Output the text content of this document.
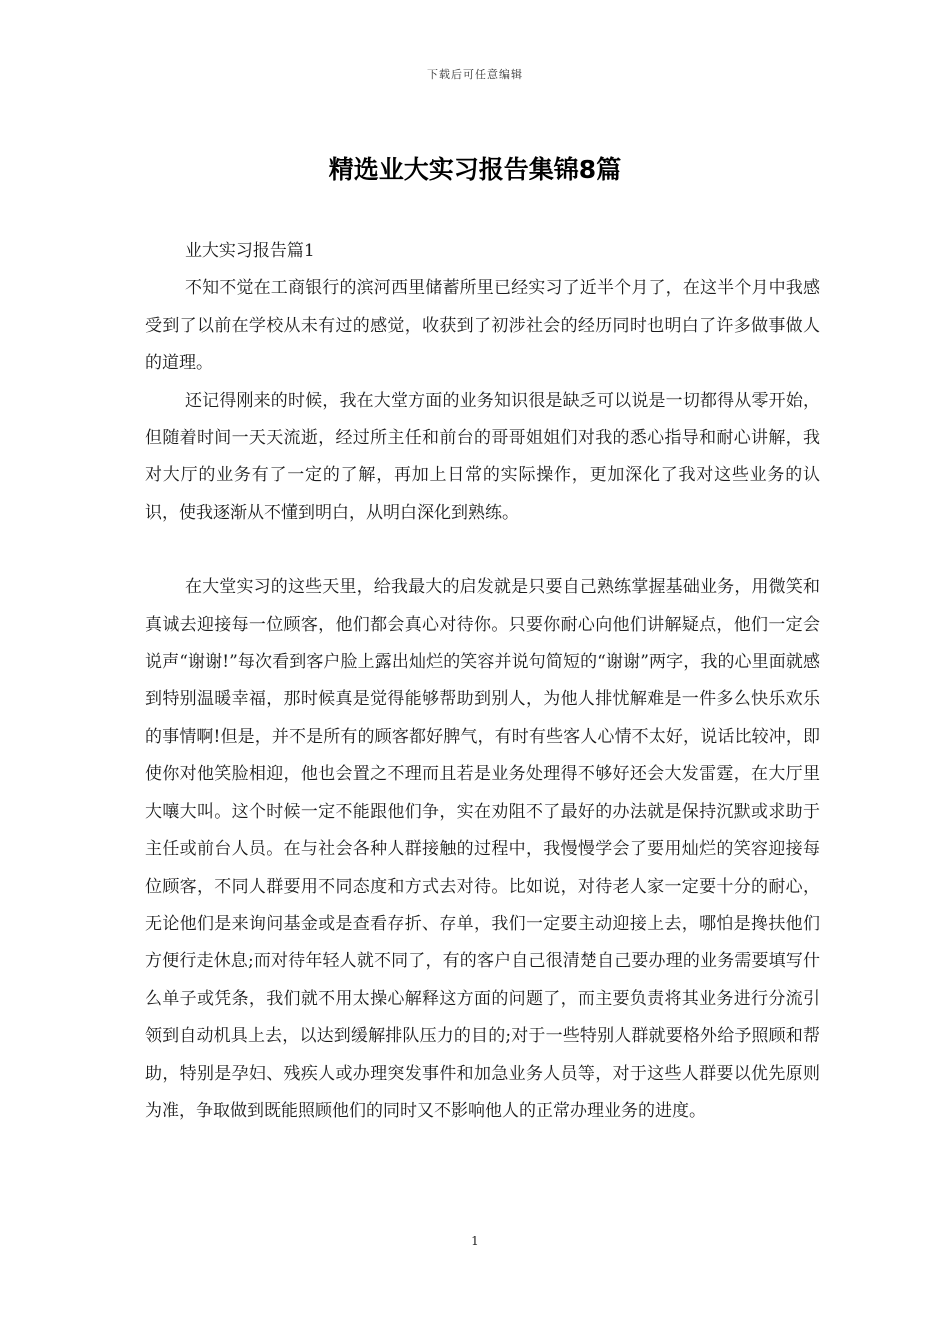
下载后可任意编辑
精选业大实习报告集锦8篇

业大实习报告篇1

不知不觉在工商银行的滨河西里储蓄所里已经实习了近半个月了，在这半个月中我感受到了以前在学校从未有过的感觉，收获到了初涉社会的经历同时也明白了许多做事做人的道理。

还记得刚来的时候，我在大堂方面的业务知识很是缺乏可以说是一切都得从零开始，但随着时间一天天流逝，经过所主任和前台的哥哥姐姐们对我的悉心指导和耐心讲解，我对大厅的业务有了一定的了解，再加上日常的实际操作，更加深化了我对这些业务的认识，使我逐渐从不懂到明白，从明白深化到熟练。

在大堂实习的这些天里，给我最大的启发就是只要自己熟练掌握基础业务，用微笑和真诚去迎接每一位顾客，他们都会真心对待你。只要你耐心向他们讲解疑点，他们一定会说声“谢谢!”每次看到客户脸上露出灿烂的笑容并说句简短的“谢谢”两字，我的心里面就感到特别温暖幸福，那时候真是觉得能够帮助到别人，为他人排忧解难是一件多么快乐欢乐的事情啊!但是，并不是所有的顾客都好脾气，有时有些客人心情不太好，说话比较冲，即使你对他笑脸相迎，他也会置之不理而且若是业务处理得不够好还会大发雷霆，在大厅里大嚷大叫。这个时候一定不能跟他们争，实在劝阻不了最好的办法就是保持沉默或求助于主任或前台人员。在与社会各种人群接触的过程中，我慢慢学会了要用灿烂的笑容迎接每位顾客，不同人群要用不同态度和方式去对待。比如说，对待老人家一定要十分的耐心，无论他们是来询问基金或是查看存折、存单，我们一定要主动迎接上去，哪怕是搀扶他们方便行走休息;而对待年轻人就不同了，有的客户自己很清楚自己要办理的业务需要填写什么单子或凭条，我们就不用太操心解释这方面的问题了，而主要负责将其业务进行分流引领到自动机具上去，以达到缓解排队压力的目的;对于一些特别人群就要格外给予照顾和帮助，特别是孕妇、残疾人或办理突发事件和加急业务人员等，对于这些人群要以优先原则为准，争取做到既能照顾他们的同时又不影响他人的正常办理业务的进度。

1
